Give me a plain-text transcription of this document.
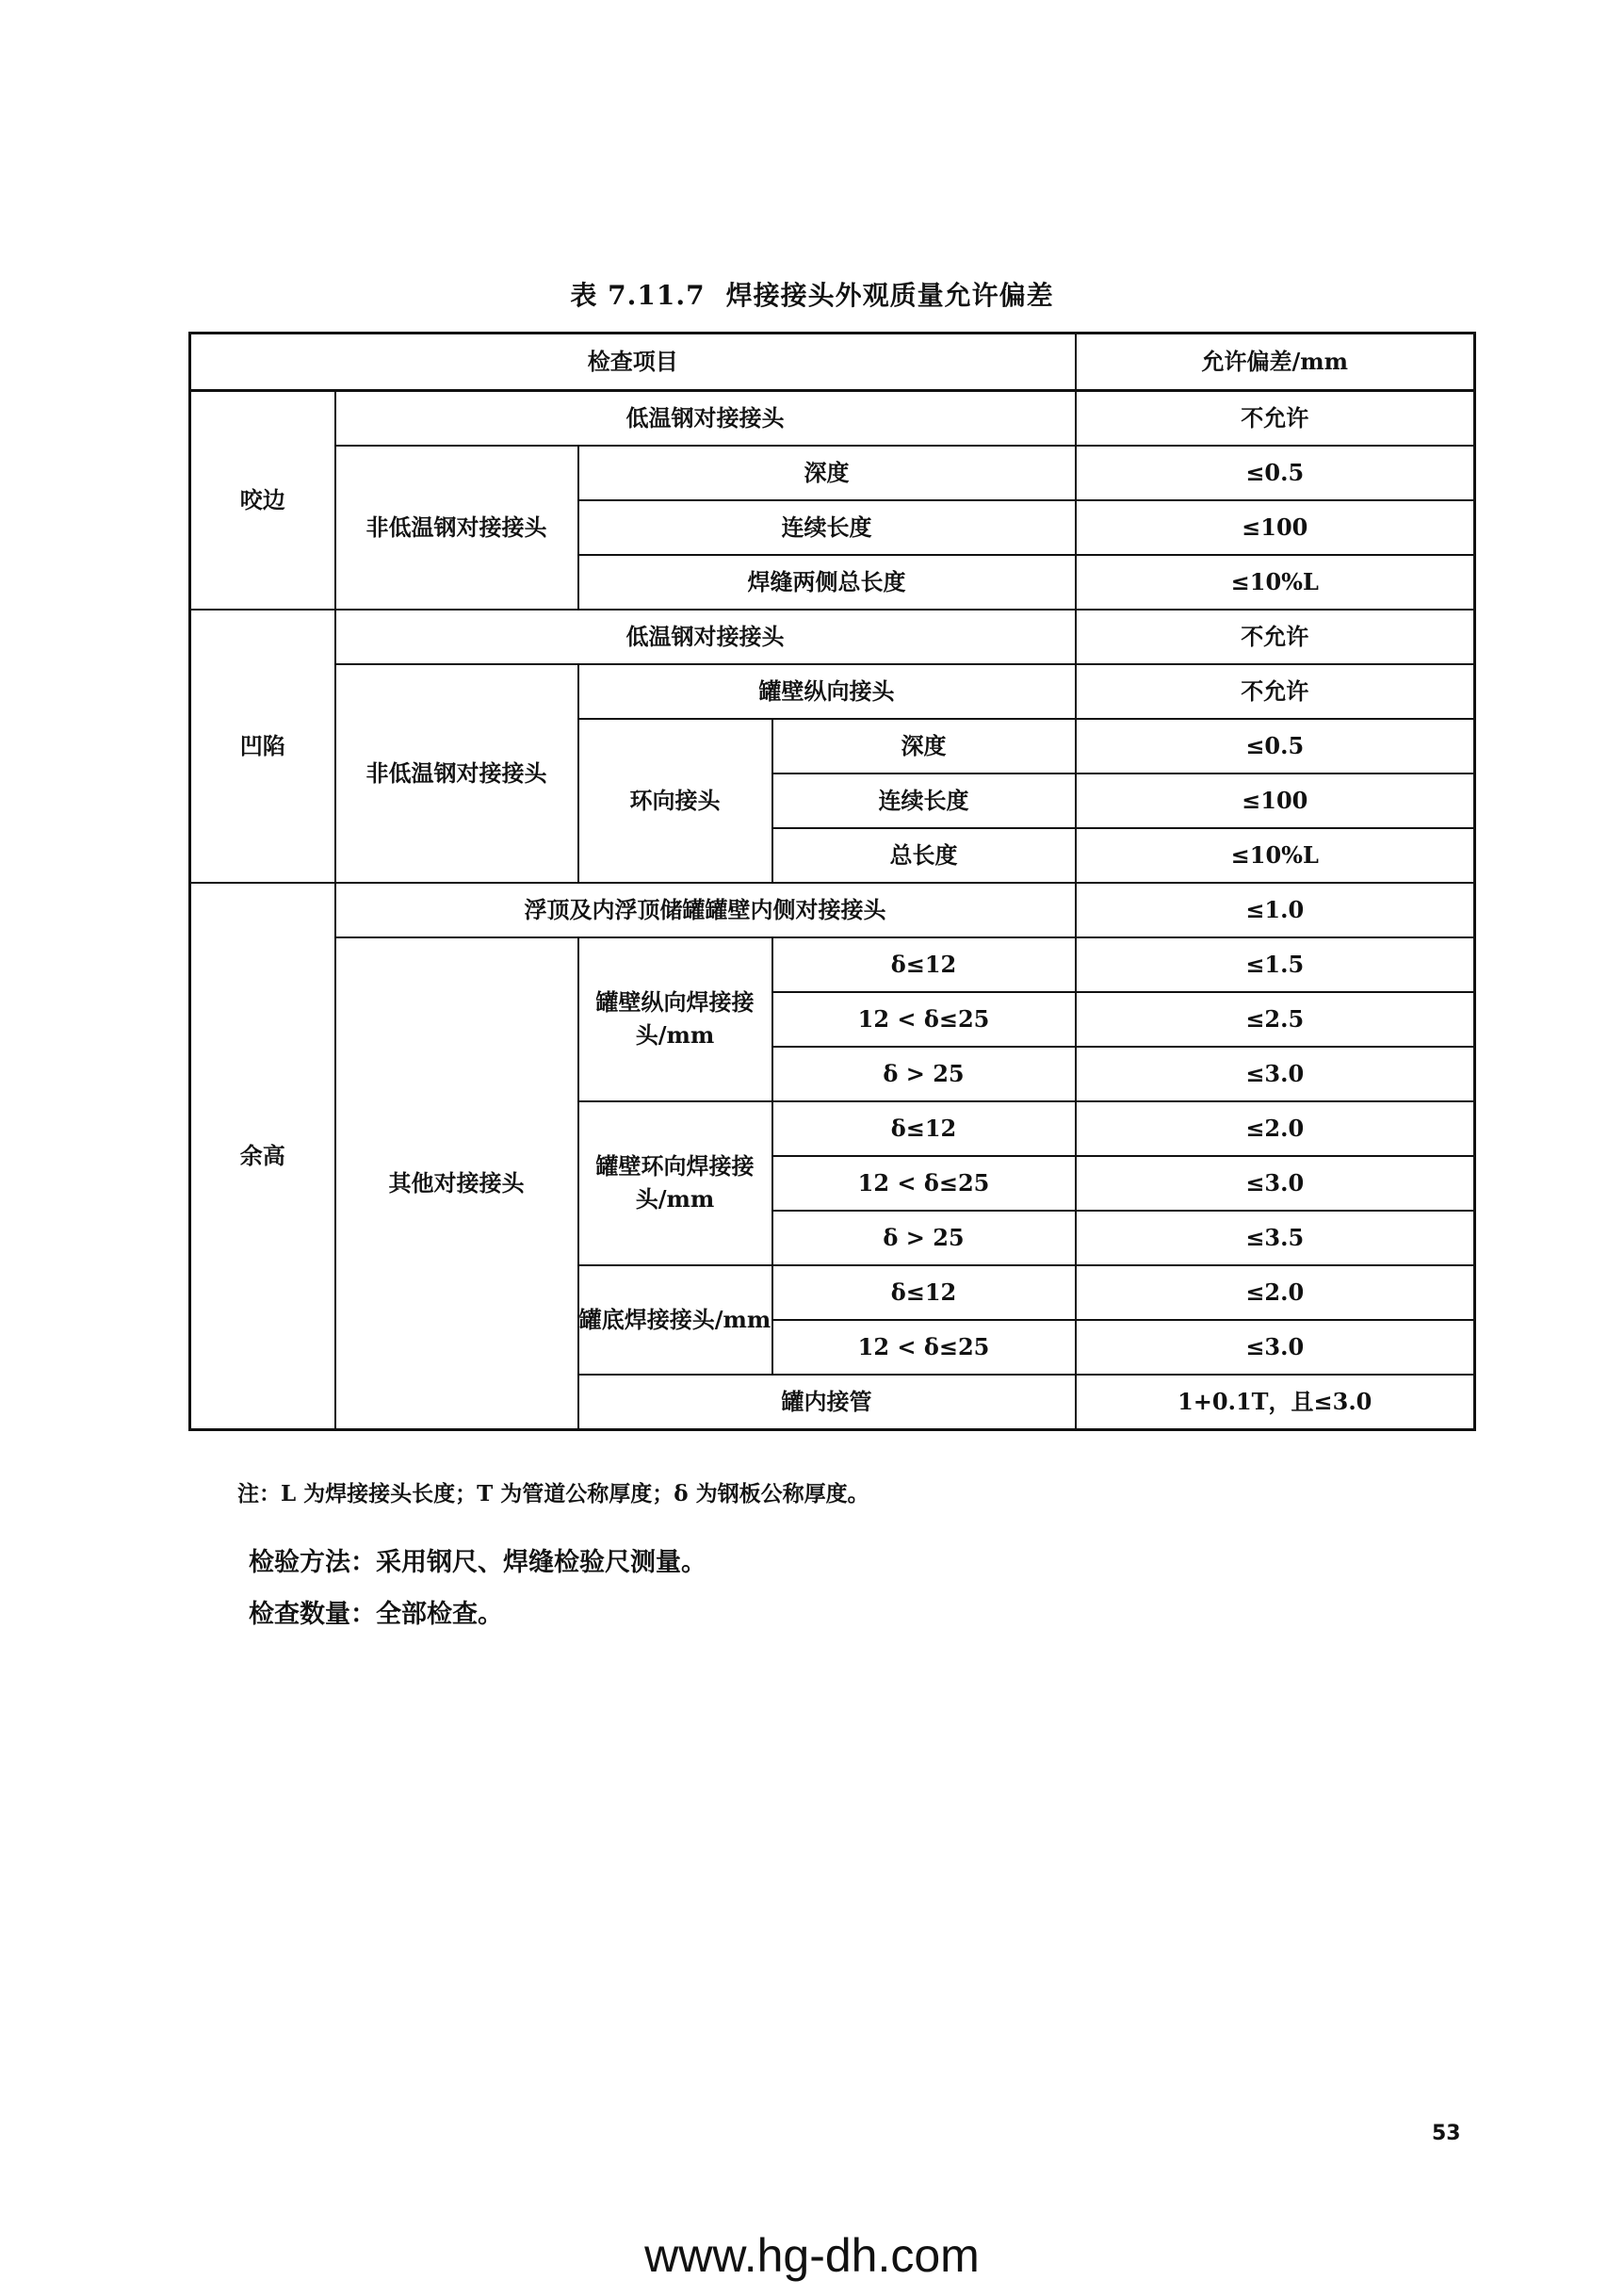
表 7.11.7 焊接接头外观质量允许偏差
检查项目				允许偏差/mm
咬边	低温钢对接接头			不允许
	非低温钢对接接头	深度		≤0.5
		连续长度		≤100
		焊缝两侧总长度		≤10%L
凹陷	低温钢对接接头			不允许
	非低温钢对接接头	罐壁纵向接头		不允许
		环向接头	深度	≤0.5
			连续长度	≤100
			总长度	≤10%L
余高	浮顶及内浮顶储罐罐壁内侧对接接头			≤1.0
	其他对接接头	罐壁纵向焊接接头/mm	δ≤12	≤1.5
			12 < δ≤25	≤2.5
			δ > 25	≤3.0
		罐壁环向焊接接头/mm	δ≤12	≤2.0
			12 < δ≤25	≤3.0
			δ > 25	≤3.5
		罐底焊接接头/mm	δ≤12	≤2.0
			12 < δ≤25	≤3.0
		罐内接管		1+0.1T，且≤3.0
注：L 为焊接接头长度；T 为管道公称厚度；δ 为钢板公称厚度。
检验方法：采用钢尺、焊缝检验尺测量。
检查数量：全部检查。
53
www.hg-dh.com
